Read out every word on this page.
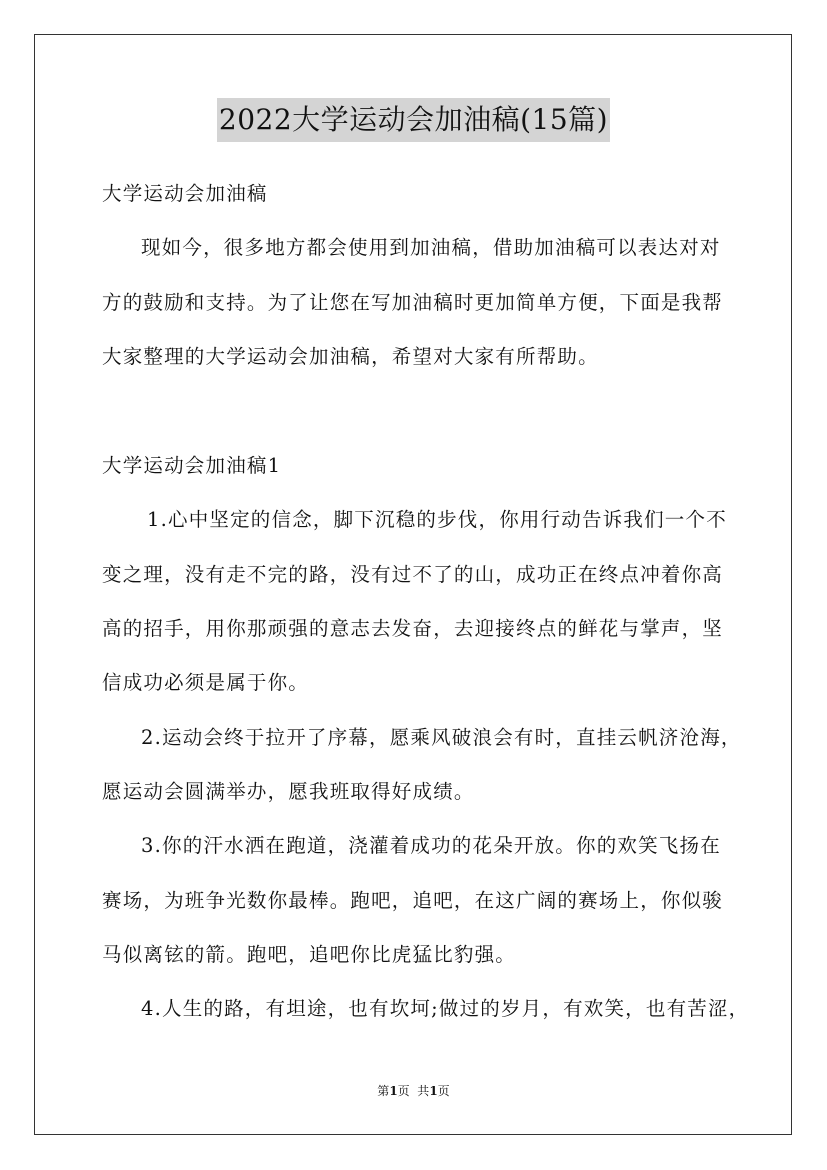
2022大学运动会加油稿(15篇)
大学运动会加油稿
现如今，很多地方都会使用到加油稿，借助加油稿可以表达对对
方的鼓励和支持。为了让您在写加油稿时更加简单方便，下面是我帮
大家整理的大学运动会加油稿，希望对大家有所帮助。
大学运动会加油稿1
1.心中坚定的信念，脚下沉稳的步伐，你用行动告诉我们一个不
变之理，没有走不完的路，没有过不了的山，成功正在终点冲着你高
高的招手，用你那顽强的意志去发奋，去迎接终点的鲜花与掌声，坚
信成功必须是属于你。
2.运动会终于拉开了序幕，愿乘风破浪会有时，直挂云帆济沧海，
愿运动会圆满举办，愿我班取得好成绩。
3.你的汗水洒在跑道，浇灌着成功的花朵开放。你的欢笑飞扬在
赛场，为班争光数你最棒。跑吧，追吧，在这广阔的赛场上，你似骏
马似离铉的箭。跑吧，追吧你比虎猛比豹强。
4.人生的路，有坦途，也有坎坷;做过的岁月，有欢笑，也有苦涩，
第1页  共1页
